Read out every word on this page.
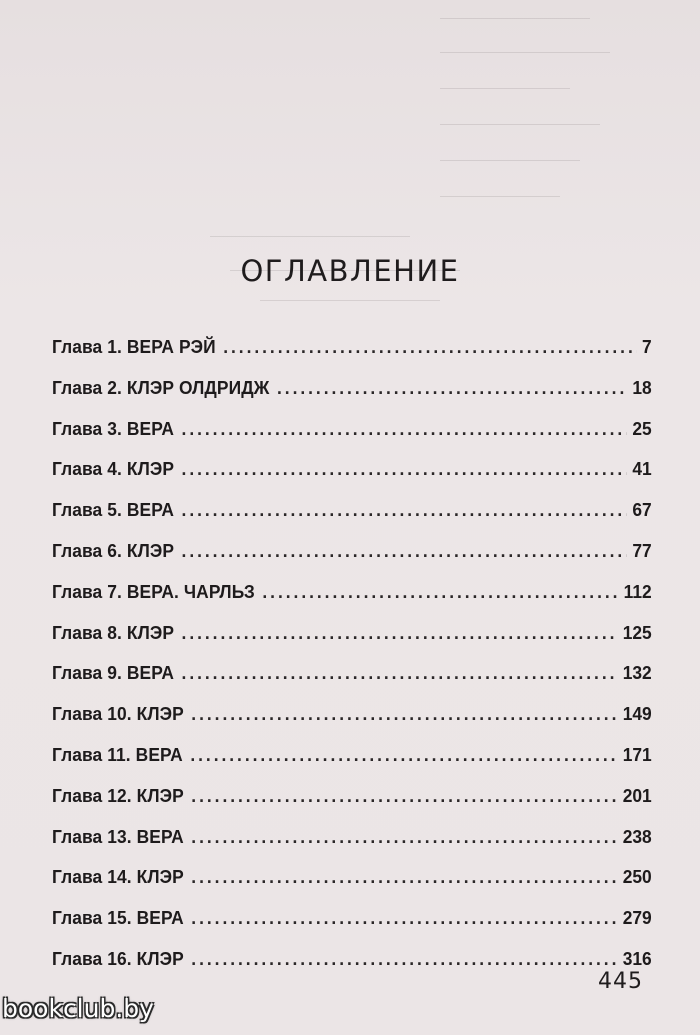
ОГЛАВЛЕНИЕ
Глава 1. ВЕРА РЭЙ . . .	7
Глава 2. КЛЭР ОЛДРИДЖ . . .	18
Глава 3. ВЕРА . . .	25
Глава 4. КЛЭР . . .	41
Глава 5. ВЕРА . . .	67
Глава 6. КЛЭР . . .	77
Глава 7. ВЕРА. ЧАРЛЬЗ . . .	112
Глава 8. КЛЭР . . .	125
Глава 9. ВЕРА . . .	132
Глава 10. КЛЭР . . .	149
Глава 11. ВЕРА . . .	171
Глава 12. КЛЭР . . .	201
Глава 13. ВЕРА . . .	238
Глава 14. КЛЭР . . .	250
Глава 15. ВЕРА . . .	279
Глава 16. КЛЭР . . .	316
445
bookclub.by
